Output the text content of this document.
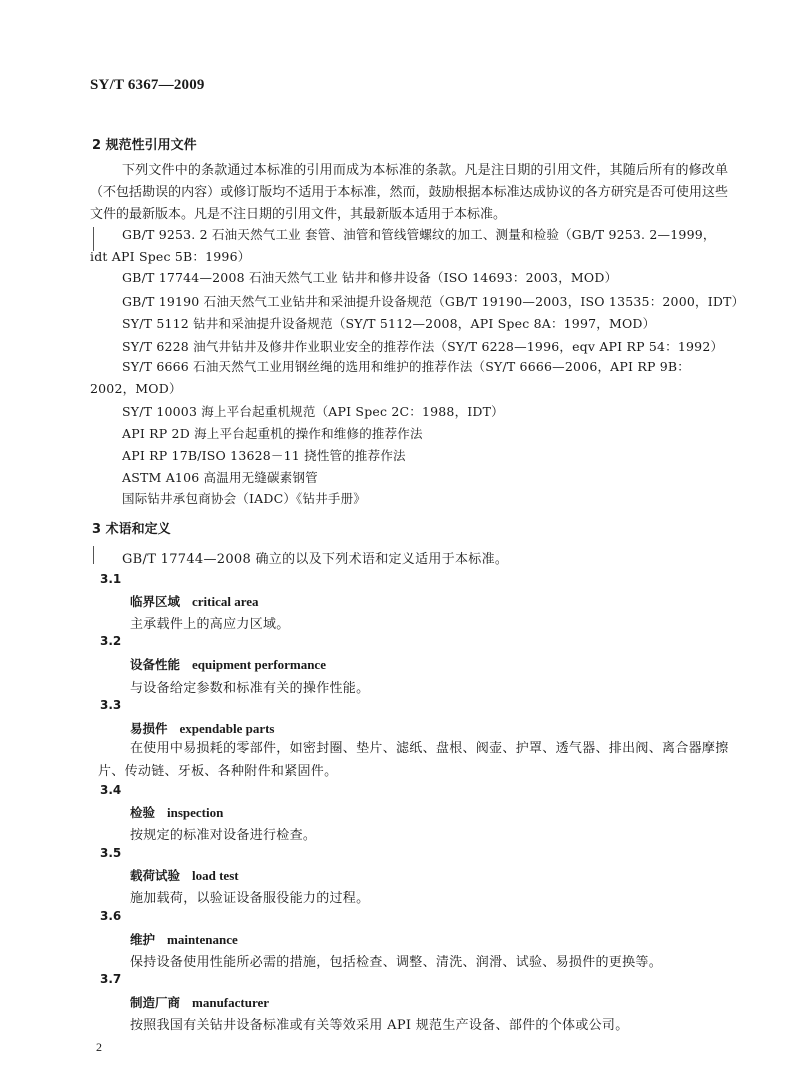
SY/T 6367—2009
2 规范性引用文件
下列文件中的条款通过本标准的引用而成为本标准的条款。凡是注日期的引用文件，其随后所有的修改单（不包括勘误的内容）或修订版均不适用于本标准，然而，鼓励根据本标准达成协议的各方研究是否可使用这些文件的最新版本。凡是不注日期的引用文件，其最新版本适用于本标准。
GB/T 9253. 2 石油天然气工业 套管、油管和管线管螺纹的加工、测量和检验（GB/T 9253. 2—1999，idt API Spec 5B：1996）
GB/T 17744—2008 石油天然气工业 钻井和修井设备（ISO 14693：2003，MOD）
GB/T 19190 石油天然气工业钻井和采油提升设备规范（GB/T 19190—2003，ISO 13535：2000，IDT）
SY/T 5112 钻井和采油提升设备规范（SY/T 5112—2008，API Spec 8A：1997，MOD）
SY/T 6228 油气井钻井及修井作业职业安全的推荐作法（SY/T 6228—1996，eqv API RP 54：1992）
SY/T 6666 石油天然气工业用钢丝绳的选用和维护的推荐作法（SY/T 6666—2006，API RP 9B：2002，MOD）
SY/T 10003 海上平台起重机规范（API Spec 2C：1988，IDT）
API RP 2D 海上平台起重机的操作和维修的推荐作法
API RP 17B/ISO 13628－11 挠性管的推荐作法
ASTM A106 高温用无缝碳素钢管
国际钻井承包商协会（IADC）《钻井手册》
3 术语和定义
GB/T 17744—2008 确立的以及下列术语和定义适用于本标准。
3.1
临界区域 critical area
主承载件上的高应力区域。
3.2
设备性能 equipment performance
与设备给定参数和标准有关的操作性能。
3.3
易损件 expendable parts
在使用中易损耗的零部件，如密封圈、垫片、滤纸、盘根、阀壶、护罩、透气器、排出阀、离合器摩擦片、传动链、牙板、各种附件和紧固件。
3.4
检验 inspection
按规定的标准对设备进行检查。
3.5
载荷试验 load test
施加载荷，以验证设备服役能力的过程。
3.6
维护 maintenance
保持设备使用性能所必需的措施，包括检查、调整、清洗、润滑、试验、易损件的更换等。
3.7
制造厂商 manufacturer
按照我国有关钻井设备标准或有关等效采用 API 规范生产设备、部件的个体或公司。
2
